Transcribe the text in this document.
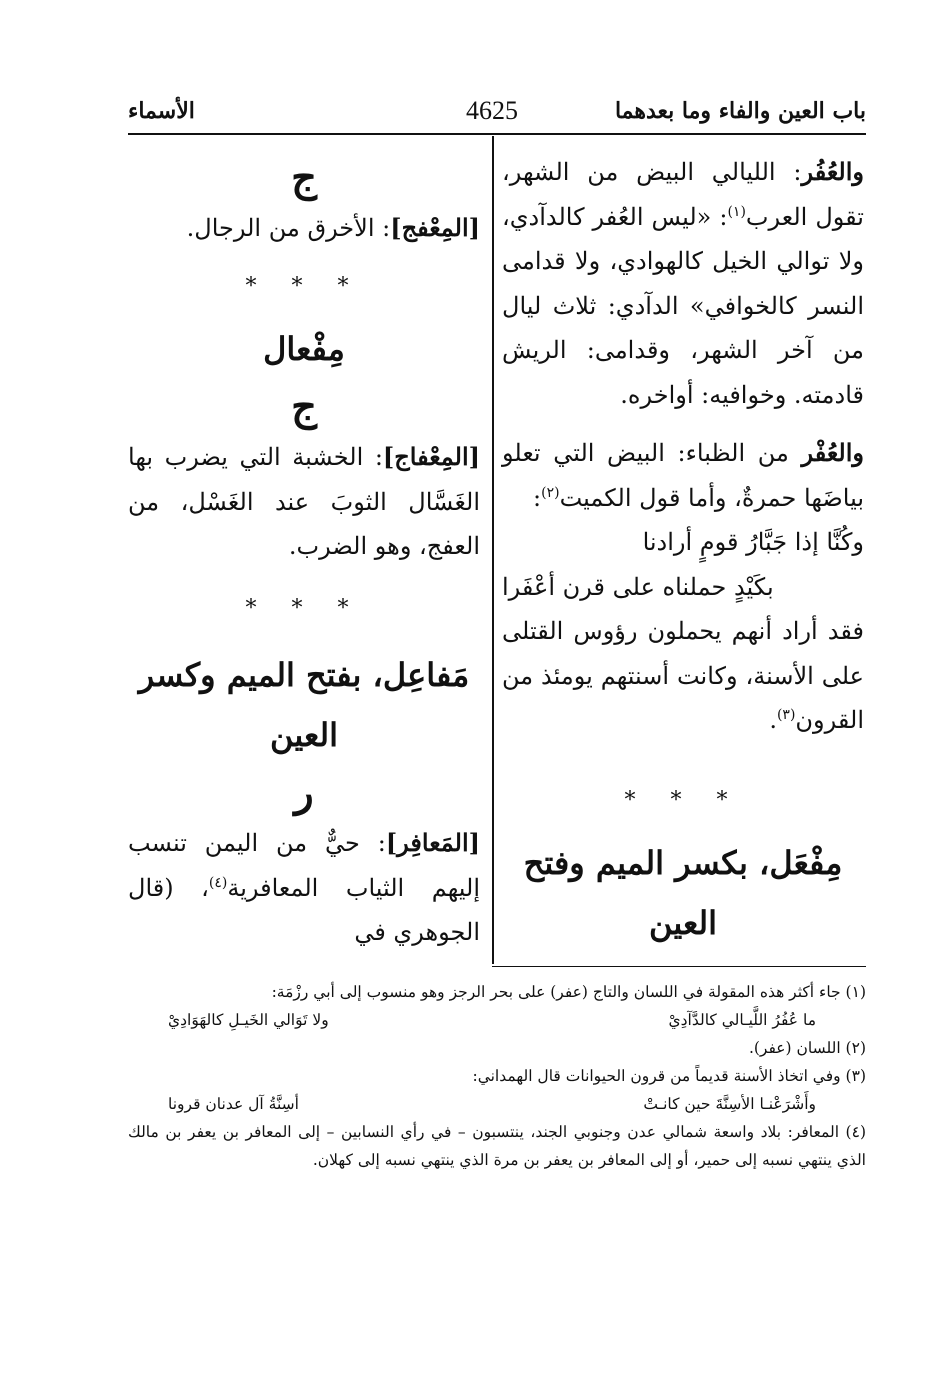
باب العين والفاء وما بعدهما
4625
الأسماء

والعُفُر: الليالي البيض من الشهر، تقول العرب$^{(١)}$: «ليس العُفر كالدآدي، ولا توالي الخيل كالهوادي، ولا قدامى النسر كالخوافي» الدآدي: ثلاث ليال من آخر الشهر، وقدامى: الريش قادمته. وخوافيه: أواخره.

والعُفْر من الظباء: البيض التي تعلو بياضَها حمرةٌ، وأما قول الكميت$^{(٢)}$:

وكُنَّا إذا جَبَّارُ قومٍ أرادنا

بكَيْدٍ حملناه على قرن أعْفَرا

فقد أراد أنهم يحملون رؤوس القتلى على الأسنة، وكانت أسنتهم يومئذ من القرون$^{(٣)}$.

* * *
مِفْعَل، بكسر الميم وفتح العين
ج

[المِعْفج]: الأخرق من الرجال.

* * *
مِفْعال
ج

[المِعْفاج]: الخشبة التي يضرب بها الغَسَّال الثوبَ عند الغَسْل، من العفج، وهو الضرب.

* * *
مَفاعِل، بفتح الميم وكسر العين
ر

[المَعافِر]: حيٌّ من اليمن تنسب إليهم الثياب المعافرية$^{(٤)}$، (قال الجوهري في

(١) جاء أكثر هذه المقولة في اللسان والتاج (عفر) على بحر الرجز وهو منسوب إلى أبي رزْمَة:

ما عُفُرُ اللَّيـالي كالدَّآدِيْ
ولا تَوَالي الخَيـلِ كالهَوَادِيْ

(٢) اللسان (عفر).

(٣) وفي اتخاذ الأسنة قديماً من قرون الحيوانات قال الهمداني:

وأَشْرَعْنـا الأسِنَّةَ حين كانـتْ
أسِنَّةُ آل عدنان قرونا

(٤) المعافر: بلاد واسعة شمالي عدن وجنوبي الجند، ينتسبون – في رأي النسابين – إلى المعافر بن يعفر بن مالك الذي ينتهي نسبه إلى حمير، أو إلى المعافر بن يعفر بن مرة الذي ينتهي نسبه إلى كهلان.
